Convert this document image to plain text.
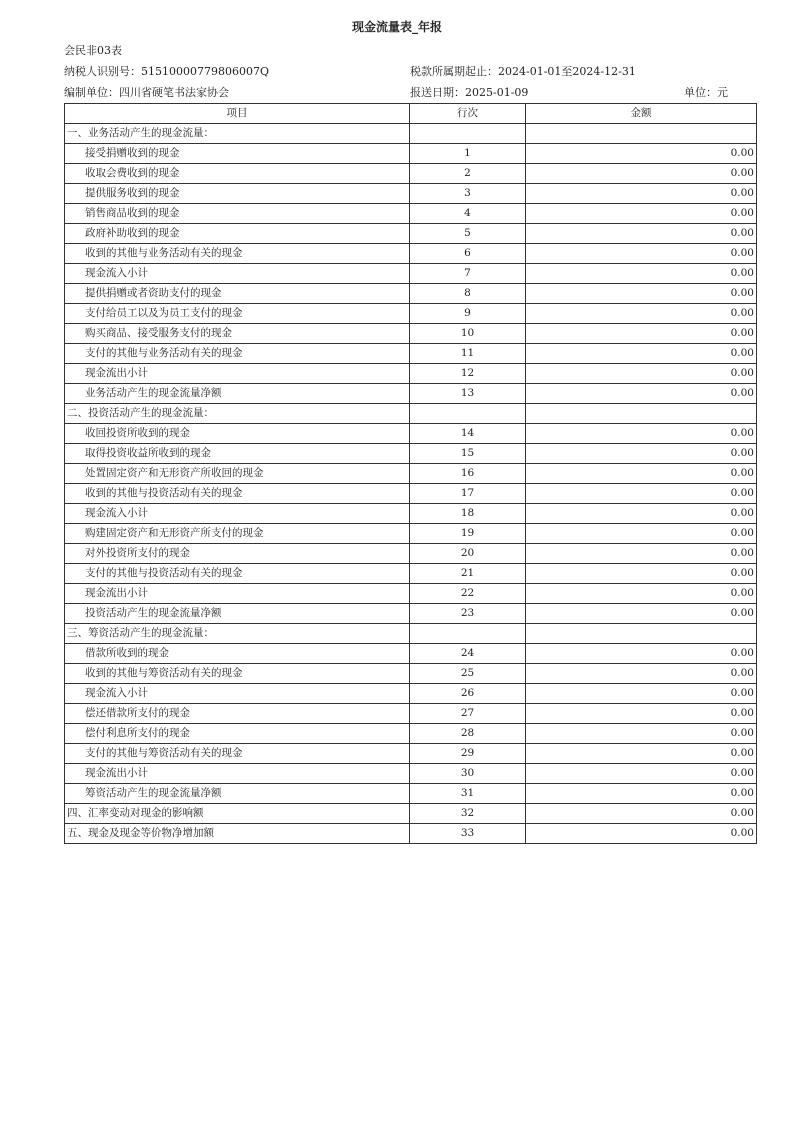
现金流量表_年报
会民非03表
纳税人识别号：51510000779806007Q	税款所属期起止：2024-01-01至2024-12-31
编制单位：四川省硬笔书法家协会	报送日期：2025-01-09	单位：元
项目	行次	金额
一、业务活动产生的现金流量：		
接受捐赠收到的现金	1	0.00
收取会费收到的现金	2	0.00
提供服务收到的现金	3	0.00
销售商品收到的现金	4	0.00
政府补助收到的现金	5	0.00
收到的其他与业务活动有关的现金	6	0.00
现金流入小计	7	0.00
提供捐赠或者资助支付的现金	8	0.00
支付给员工以及为员工支付的现金	9	0.00
购买商品、接受服务支付的现金	10	0.00
支付的其他与业务活动有关的现金	11	0.00
现金流出小计	12	0.00
业务活动产生的现金流量净额	13	0.00
二、投资活动产生的现金流量：		
收回投资所收到的现金	14	0.00
取得投资收益所收到的现金	15	0.00
处置固定资产和无形资产所收回的现金	16	0.00
收到的其他与投资活动有关的现金	17	0.00
现金流入小计	18	0.00
购建固定资产和无形资产所支付的现金	19	0.00
对外投资所支付的现金	20	0.00
支付的其他与投资活动有关的现金	21	0.00
现金流出小计	22	0.00
投资活动产生的现金流量净额	23	0.00
三、筹资活动产生的现金流量：		
借款所收到的现金	24	0.00
收到的其他与筹资活动有关的现金	25	0.00
现金流入小计	26	0.00
偿还借款所支付的现金	27	0.00
偿付利息所支付的现金	28	0.00
支付的其他与筹资活动有关的现金	29	0.00
现金流出小计	30	0.00
筹资活动产生的现金流量净额	31	0.00
四、汇率变动对现金的影响额	32	0.00
五、现金及现金等价物净增加额	33	0.00
